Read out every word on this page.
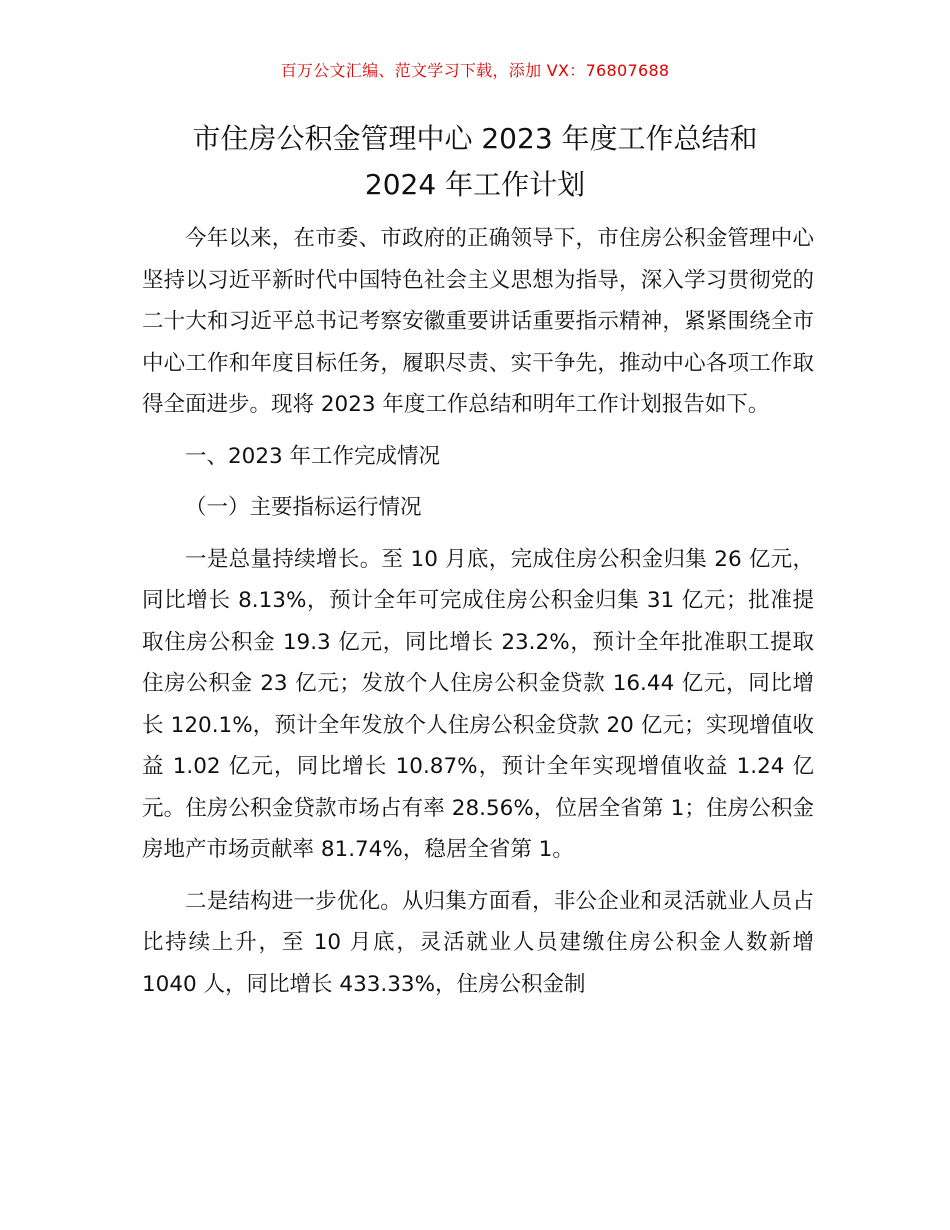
百万公文汇编、范文学习下载，添加 VX：76807688
市住房公积金管理中心 2023 年度工作总结和
2024 年工作计划

今年以来，在市委、市政府的正确领导下，市住房公积金管理中心坚持以习近平新时代中国特色社会主义思想为指导，深入学习贯彻党的二十大和习近平总书记考察安徽重要讲话重要指示精神，紧紧围绕全市中心工作和年度目标任务，履职尽责、实干争先，推动中心各项工作取得全面进步。现将 2023 年度工作总结和明年工作计划报告如下。

一、2023 年工作完成情况

（一）主要指标运行情况

一是总量持续增长。至 10 月底，完成住房公积金归集 26 亿元，同比增长 8.13%，预计全年可完成住房公积金归集 31 亿元；批准提取住房公积金 19.3 亿元，同比增长 23.2%，预计全年批准职工提取住房公积金 23 亿元；发放个人住房公积金贷款 16.44 亿元，同比增长 120.1%，预计全年发放个人住房公积金贷款 20 亿元；实现增值收益 1.02 亿元，同比增长 10.87%，预计全年实现增值收益 1.24 亿元。住房公积金贷款市场占有率 28.56%，位居全省第 1；住房公积金房地产市场贡献率 81.74%，稳居全省第 1。

二是结构进一步优化。从归集方面看，非公企业和灵活就业人员占比持续上升，至 10 月底，灵活就业人员建缴住房公积金人数新增 1040 人，同比增长 433.33%，住房公积金制
